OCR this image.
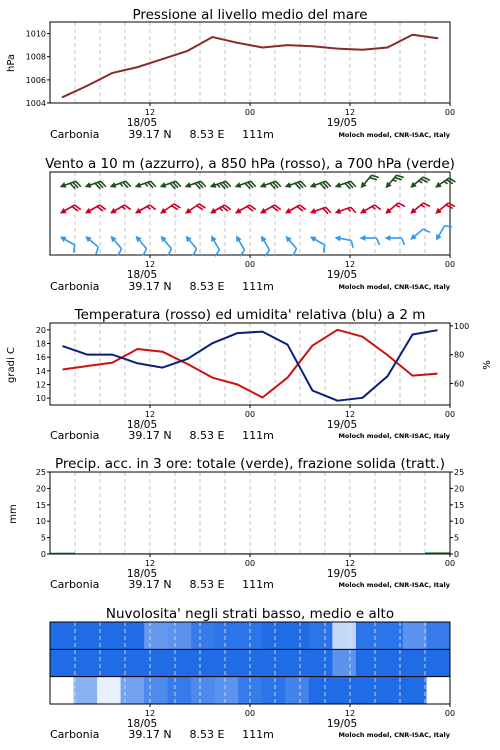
Pressione al livello medio del mare
1004
1006
1008
1010
hPa
12	00	12	00
18/05	19/05
Carbonia	39.17 N 8.53 E 111m	Moloch model, CNR-ISAC, Italy
Vento a 10 m (azzurro), a 850 hPa (rosso), a 700 hPa (verde)
12	00	12	00
18/05	19/05
Carbonia	39.17 N 8.53 E 111m	Moloch model, CNR-ISAC, Italy
Temperatura (rosso) ed umidita' relativa (blu) a 2 m
10
12
14
16
18
20
60
80
100
gradi C	%
12	00	12	00
18/05	19/05
Carbonia	39.17 N 8.53 E 111m	Moloch model, CNR-ISAC, Italy
Precip. acc. in 3 ore: totale (verde), frazione solida (tratt.)
0
5
10
15
20
25
0
5
10
15
20
25
mm
12	00	12	00
18/05	19/05
Carbonia	39.17 N 8.53 E 111m	Moloch model, CNR-ISAC, Italy
Nuvolosita' negli strati basso, medio e alto
12	00	12	00
18/05	19/05
Carbonia	39.17 N 8.53 E 111m	Moloch model, CNR-ISAC, Italy
